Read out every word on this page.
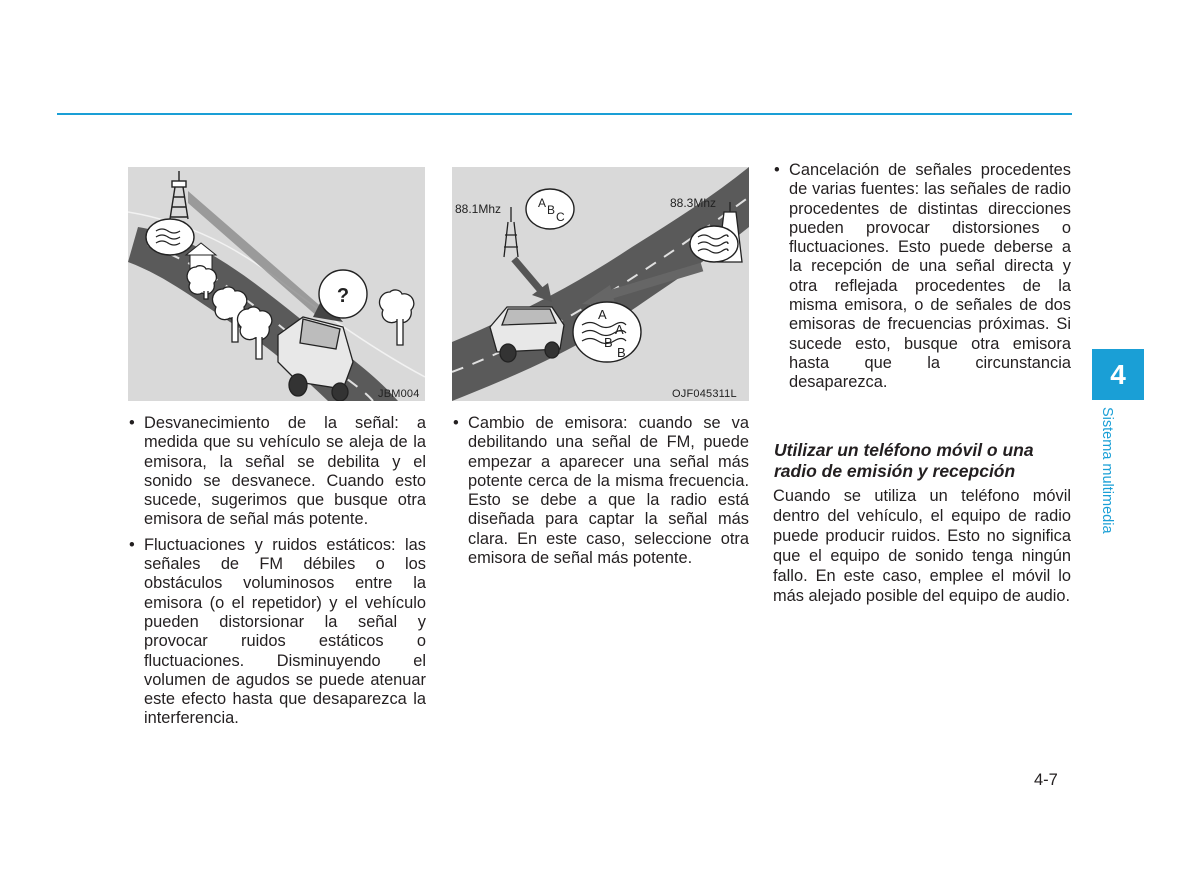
?
JBM004
• Desvanecimiento de la señal: a medida que su vehículo se aleja de la emisora, la señal se debilita y el sonido se desvanece. Cuando esto sucede, sugerimos que busque otra emisora de señal más potente.
• Fluctuaciones y ruidos estáticos: las señales de FM débiles o los obstáculos voluminosos entre la emisora (o el repetidor) y el vehículo pueden distorsionar la señal y provocar ruidos estáticos o fluctuaciones. Disminuyendo el volumen de agudos se puede atenuar este efecto hasta que desaparezca la interferencia.
88.1Mhz	88.3Mhz
A B C
A
A
B
B
OJF045311L
• Cambio de emisora: cuando se va debilitando una señal de FM, puede empezar a aparecer una señal más potente cerca de la misma frecuencia. Esto se debe a que la radio está diseñada para captar la señal más clara. En este caso, seleccione otra emisora de señal más potente.
• Cancelación de señales procedentes de varias fuentes: las señales de radio procedentes de distintas direcciones pueden provocar distorsiones o fluctuaciones. Esto puede deberse a la recepción de una señal directa y otra reflejada procedentes de la misma emisora, o de señales de dos emisoras de frecuencias próximas. Si sucede esto, busque otra emisora hasta que la circunstancia desaparezca.
Utilizar un teléfono móvil o una radio de emisión y recepción

Cuando se utiliza un teléfono móvil dentro del vehículo, el equipo de radio puede producir ruidos. Esto no significa que el equipo de sonido tenga ningún fallo. En este caso, emplee el móvil lo más alejado posible del equipo de audio.

4
Sistema multimedia
4-7
